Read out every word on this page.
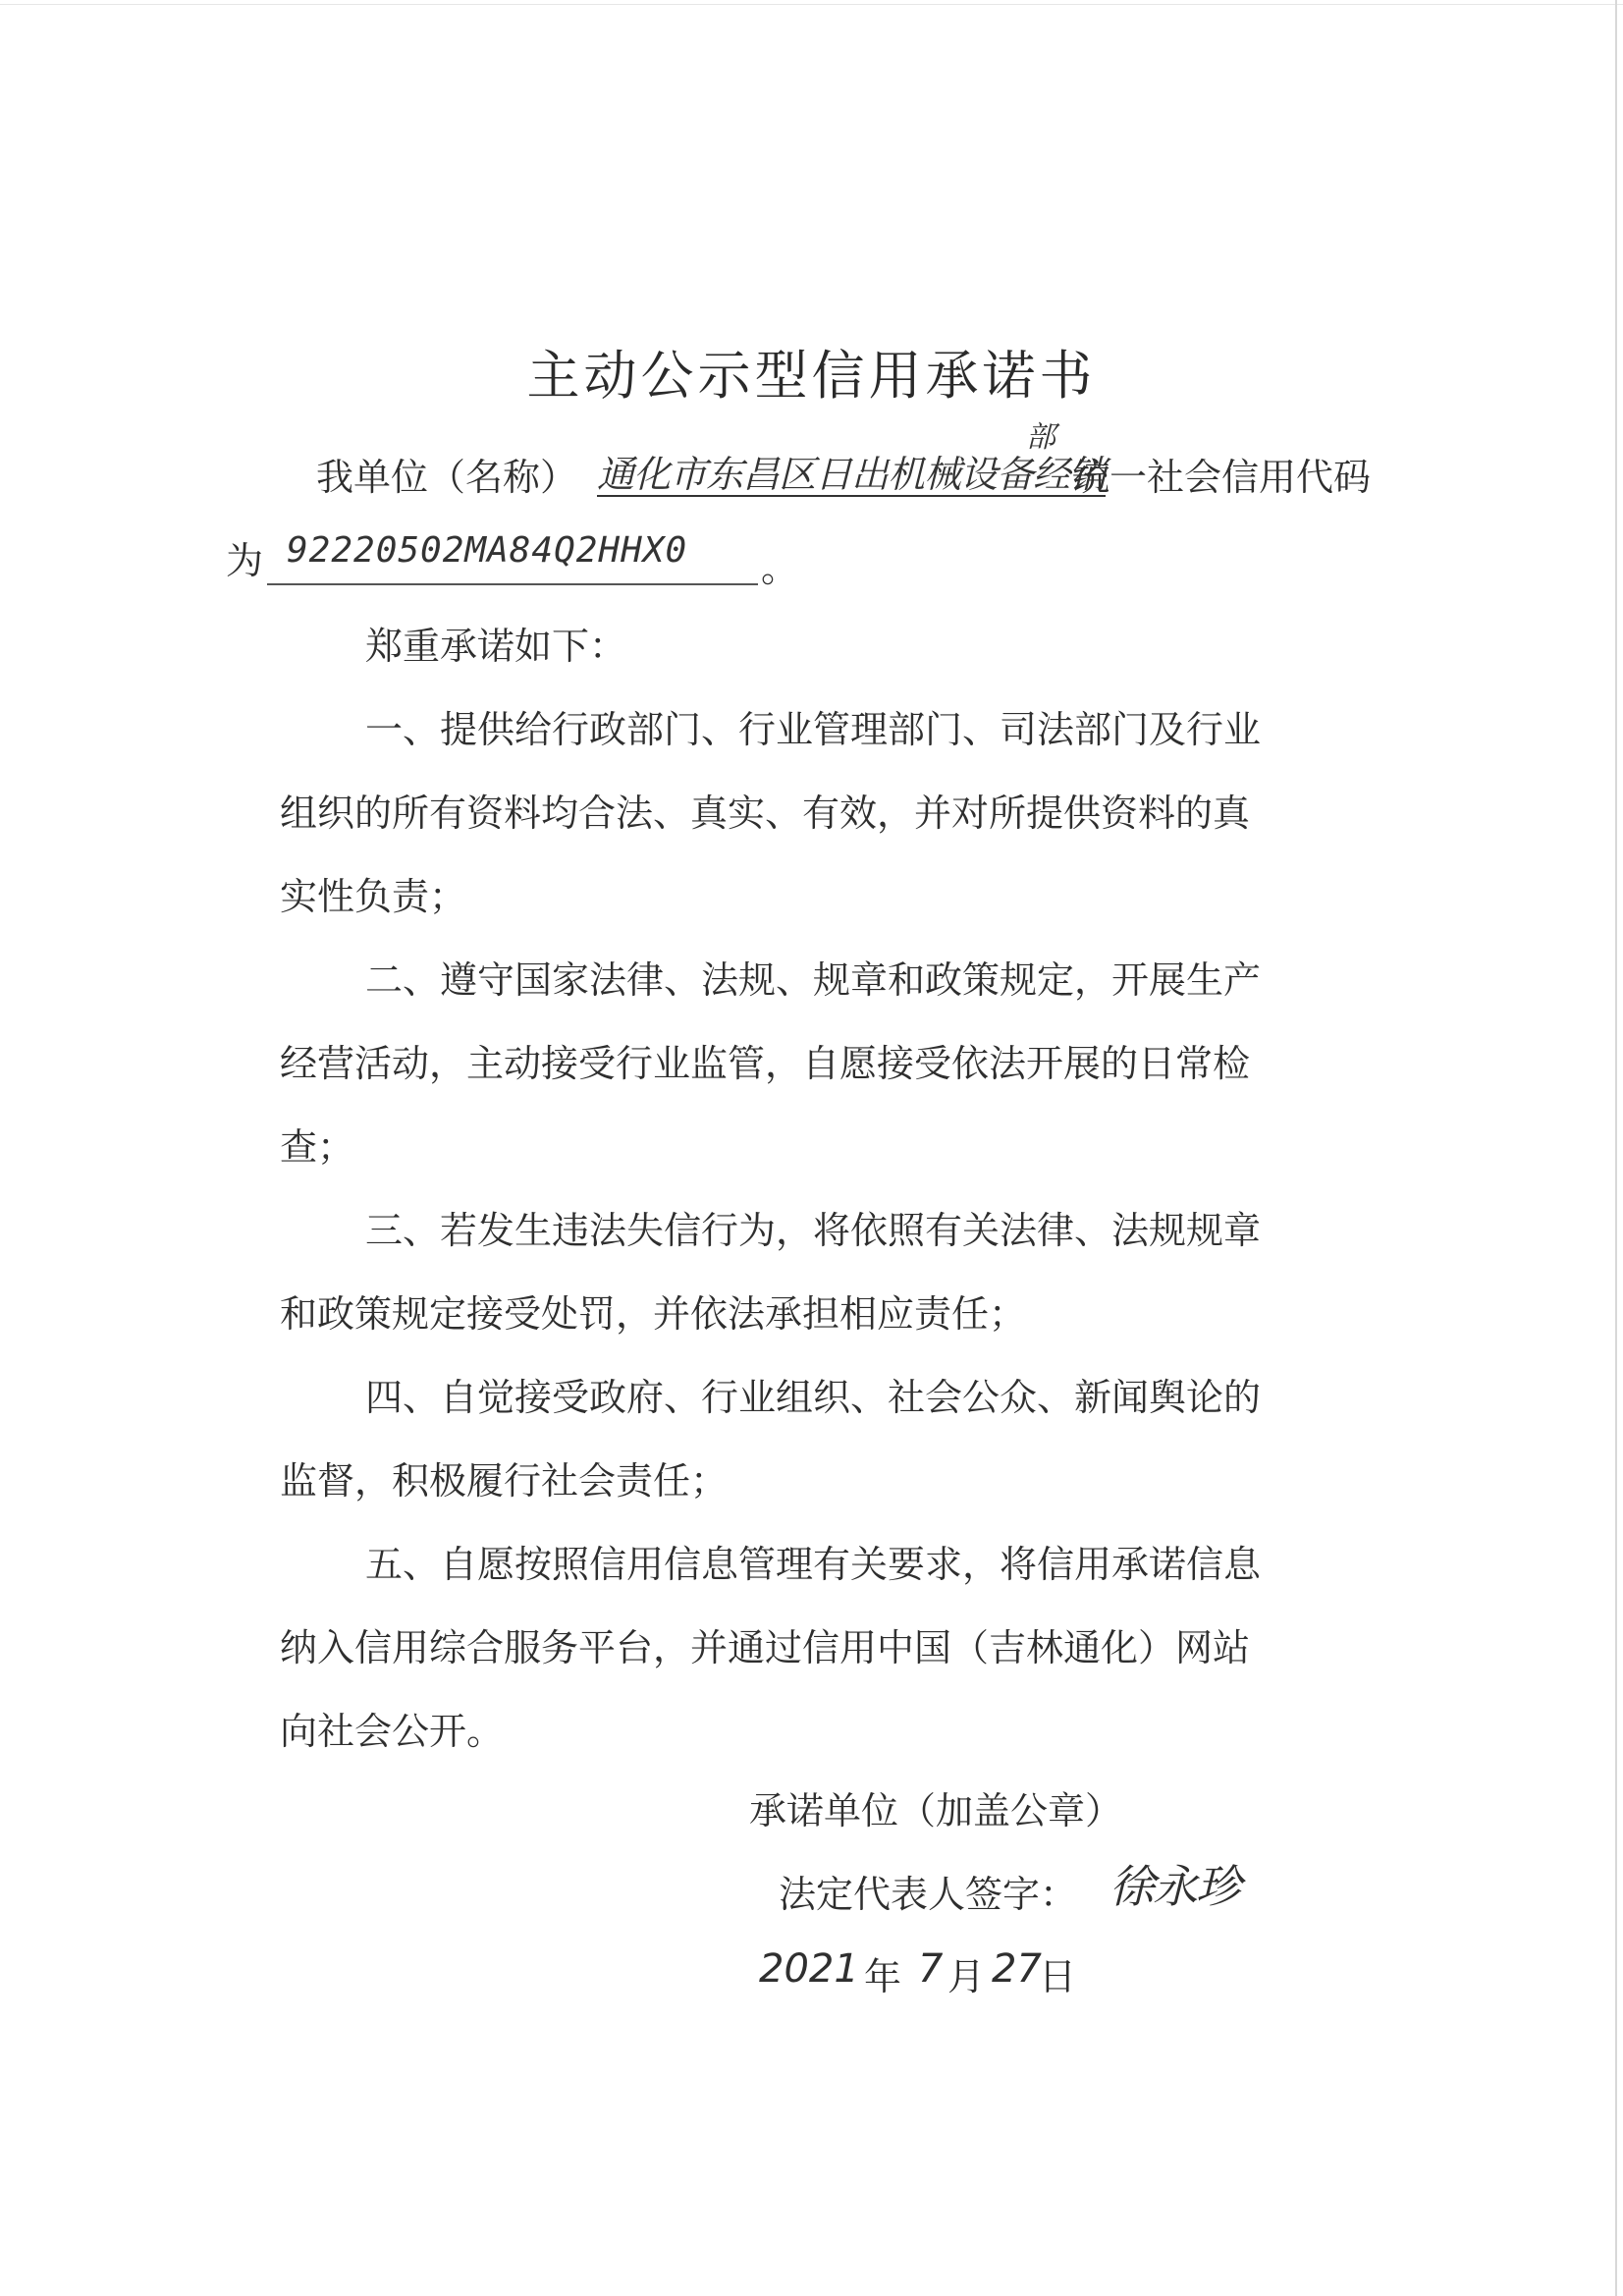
主动公示型信用承诺书
我单位（名称） 通化市东昌区日出机械设备经销
部
统一社会信用代码
为 92220502MA84Q2HHX0 。
郑重承诺如下：
一、提供给行政部门、行业管理部门、司法部门及行业
组织的所有资料均合法、真实、有效，并对所提供资料的真
实性负责；
二、遵守国家法律、法规、规章和政策规定，开展生产
经营活动，主动接受行业监管，自愿接受依法开展的日常检
查；
三、若发生违法失信行为，将依照有关法律、法规规章
和政策规定接受处罚，并依法承担相应责任；
四、自觉接受政府、行业组织、社会公众、新闻舆论的
监督，积极履行社会责任；
五、自愿按照信用信息管理有关要求，将信用承诺信息
纳入信用综合服务平台，并通过信用中国（吉林通化）网站
向社会公开。
承诺单位（加盖公章）
法定代表人签字： 徐永珍
2021 年 7 月 27
日
